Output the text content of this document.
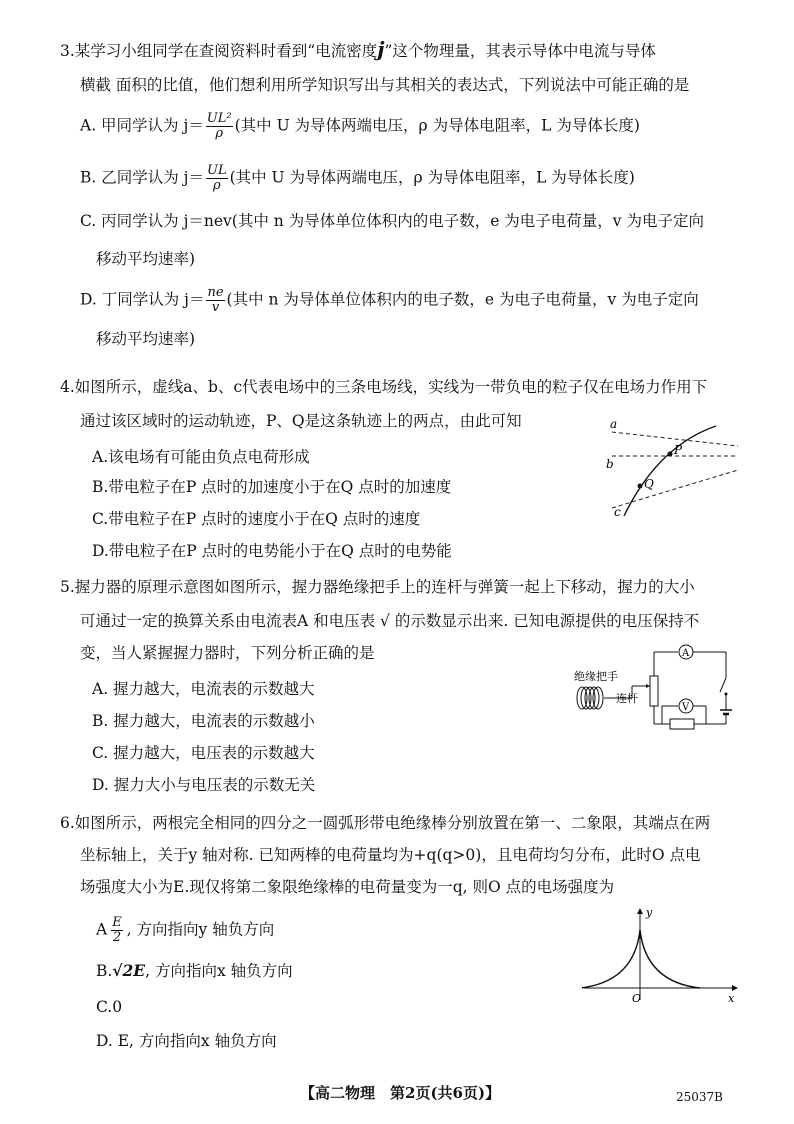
3.某学习小组同学在查阅资料时看到“电流密度j”这个物理量，其表示导体中电流与导体
横截 面积的比值，他们想利用所学知识写出与其相关的表达式，下列说法中可能正确的是
A. 甲同学认为 $j= \frac{\text{UL²}}{\rho}$ (其中 U 为导体两端电压，ρ 为导体电阻率，L 为导体长度)
B. 乙同学认为 $j= \frac{UL}{\rho}$ (其中 U 为导体两端电压，ρ 为导体电阻率，L 为导体长度)
C. 丙同学认为 j＝nev(其中 n 为导体单位体积内的电子数，e 为电子电荷量，v 为电子定向
移动平均速率)
D. 丁同学认为 $j= \frac{ne}{v}$ (其中 n 为导体单位体积内的电子数，e 为电子电荷量，v 为电子定向
移动平均速率)
4.如图所示，虚线a、b、c代表电场中的三条电场线，实线为一带负电的粒子仅在电场力作用下
通过该区域时的运动轨迹，P、Q是这条轨迹上的两点，由此可知
A.该电场有可能由负点电荷形成
B.带电粒子在P 点时的加速度小于在Q 点时的加速度
C.带电粒子在P 点时的速度小于在Q 点时的速度
D.带电粒子在P 点时的电势能小于在Q 点时的电势能
a
b
c
P
Q
5.握力器的原理示意图如图所示，握力器绝缘把手上的连杆与弹簧一起上下移动，握力的大小
可通过一定的换算关系由电流表A 和电压表 √ 的示数显示出来. 已知电源提供的电压保持不
变，当人紧握握力器时，下列分析正确的是
A. 握力越大，电流表的示数越大
B. 握力越大，电流表的示数越小
C. 握力越大，电压表的示数越大
D. 握力大小与电压表的示数无关
A
V
绝缘把手
连杆
6.如图所示，两根完全相同的四分之一圆弧形带电绝缘棒分别放置在第一、二象限，其端点在两
坐标轴上，关于y 轴对称. 已知两棒的电荷量均为+q(q>0)，且电荷均匀分布，此时O 点电
场强度大小为E.现仅将第二象限绝缘棒的电荷量变为一q, 则O 点的电场强度为
A $\frac{E}{2}$ , 方向指向y 轴负方向
B.√2E, 方向指向x 轴负方向
C.0
D. E, 方向指向x 轴负方向
y
x
O
【高二物理　第2页(共6页)】	25037B
